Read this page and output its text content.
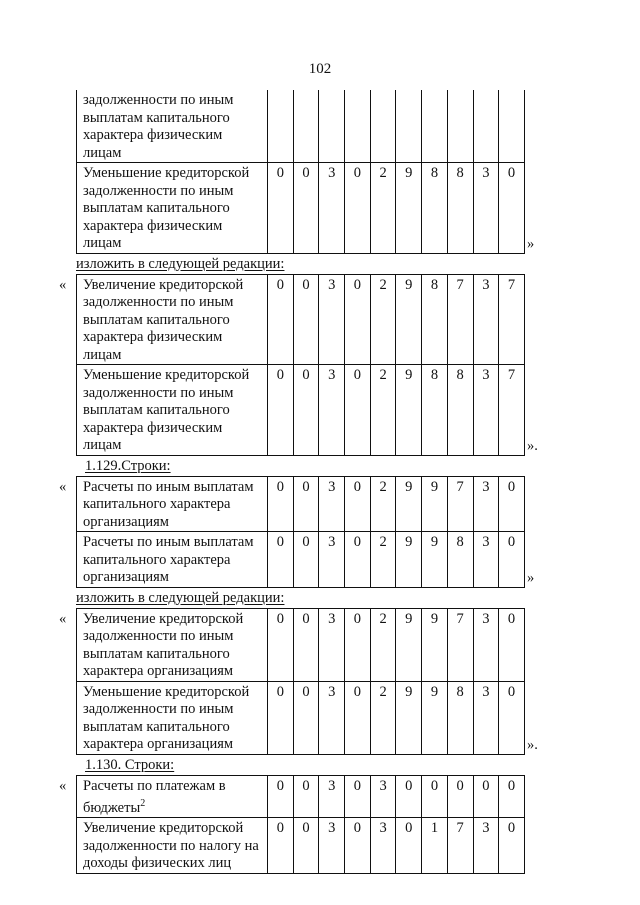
102
задолженности по иным выплатам капитального характера физическим лицам										
Уменьшение кредиторской задолженности по иным выплатам капитального характера физическим лицам	0	0	3	0	2	9	8	8	3	0
»
изложить в следующей редакции:
« Увеличение кредиторской задолженности по иным выплатам капитального характера физическим лицам	0	0	3	0	2	9	8	7	3	7
Уменьшение кредиторской задолженности по иным выплатам капитального характера физическим лицам	0	0	3	0	2	9	8	8	3	7
».
1.129.Строки:
« Расчеты по иным выплатам капитального характера организациям	0	0	3	0	2	9	9	7	3	0
Расчеты по иным выплатам капитального характера организациям	0	0	3	0	2	9	9	8	3	0
»
изложить в следующей редакции:
« Увеличение кредиторской задолженности по иным выплатам капитального характера организациям	0	0	3	0	2	9	9	7	3	0
Уменьшение кредиторской задолженности по иным выплатам капитального характера организациям	0	0	3	0	2	9	9	8	3	0
».
1.130. Строки:
« Расчеты по платежам в бюджеты$^2$	0	0	3	0	3	0	0	0	0	0
Увеличение кредиторской задолженности по налогу на доходы физических лиц	0	0	3	0	3	0	1	7	3	0
